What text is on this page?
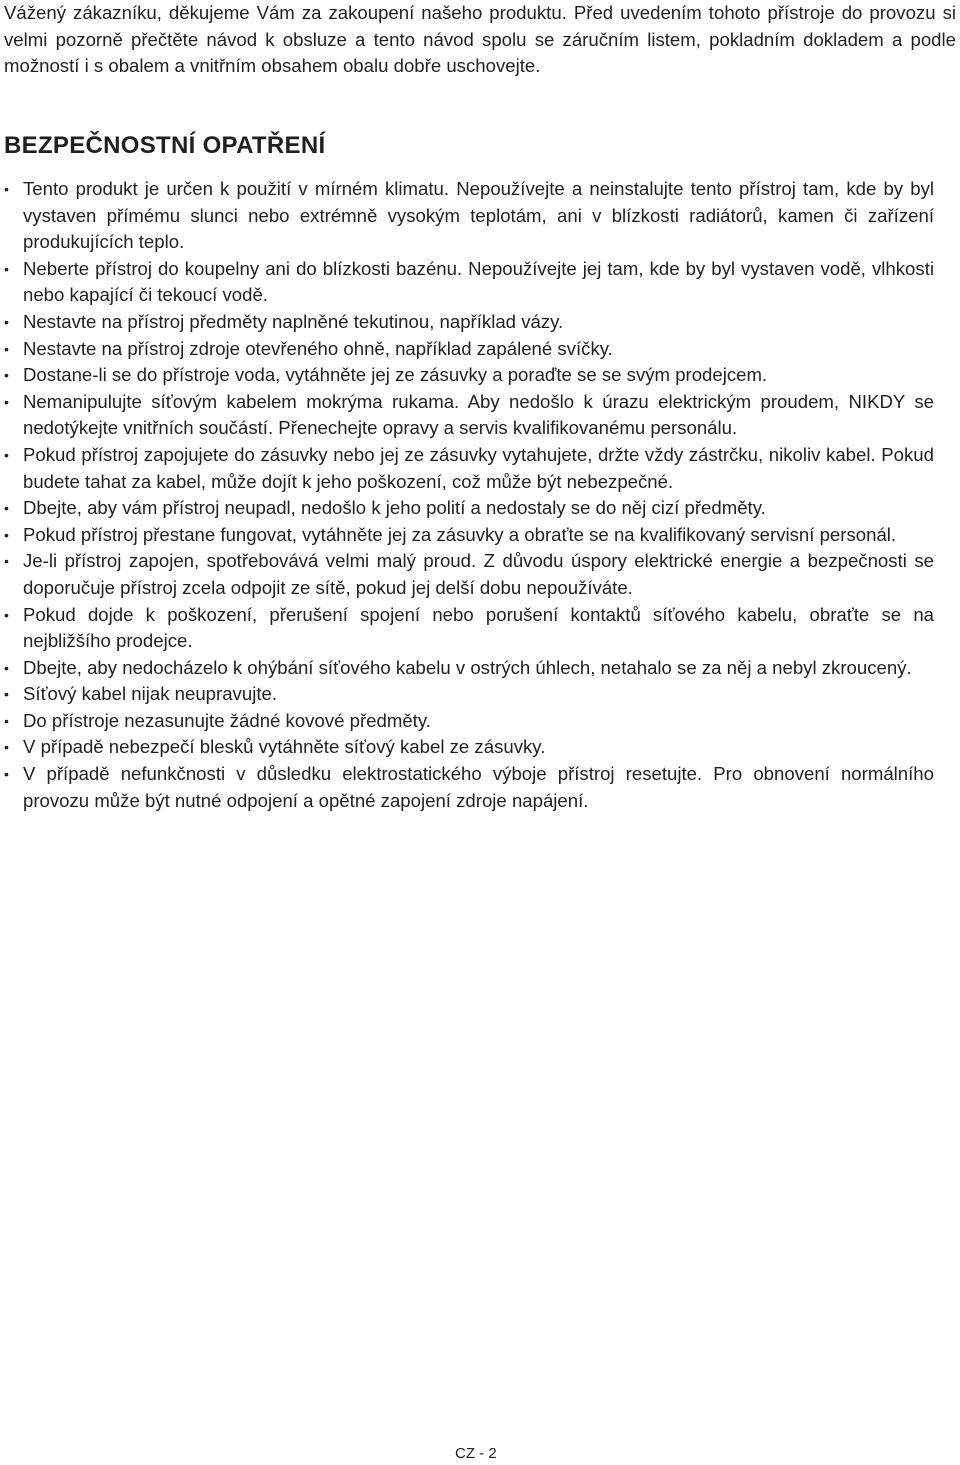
Vážený zákazníku, děkujeme Vám za zakoupení našeho produktu. Před uvedením tohoto přístroje do provozu si velmi pozorně přečtěte návod k obsluze a tento návod spolu se záručním listem, pokladním dokladem a podle možností i s obalem a vnitřním obsahem obalu dobře uschovejte.

BEZPEČNOSTNÍ OPATŘENÍ
• Tento produkt je určen k použití v mírném klimatu. Nepoužívejte a neinstalujte tento přístroj tam, kde by byl vystaven přímému slunci nebo extrémně vysokým teplotám, ani v blízkosti radiátorů, kamen či zařízení produkujících teplo.
• Neberte přístroj do koupelny ani do blízkosti bazénu. Nepoužívejte jej tam, kde by byl vystaven vodě, vlhkosti nebo kapající či tekoucí vodě.
• Nestavte na přístroj předměty naplněné tekutinou, například vázy.
• Nestavte na přístroj zdroje otevřeného ohně, například zapálené svíčky.
• Dostane-li se do přístroje voda, vytáhněte jej ze zásuvky a poraďte se se svým prodejcem.
• Nemanipulujte síťovým kabelem mokrýma rukama. Aby nedošlo k úrazu elektrickým proudem, NIKDY se nedotýkejte vnitřních součástí. Přenechejte opravy a servis kvalifikovanému personálu.
• Pokud přístroj zapojujete do zásuvky nebo jej ze zásuvky vytahujete, držte vždy zástrčku, nikoliv kabel. Pokud budete tahat za kabel, může dojít k jeho poškození, což může být nebezpečné.
• Dbejte, aby vám přístroj neupadl, nedošlo k jeho polití a nedostaly se do něj cizí předměty.
• Pokud přístroj přestane fungovat, vytáhněte jej za zásuvky a obraťte se na kvalifikovaný servisní personál.
• Je-li přístroj zapojen, spotřebovává velmi malý proud. Z důvodu úspory elektrické energie a bezpečnosti se doporučuje přístroj zcela odpojit ze sítě, pokud jej delší dobu nepoužíváte.
• Pokud dojde k poškození, přerušení spojení nebo porušení kontaktů síťového kabelu, obraťte se na nejbližšího prodejce.
• Dbejte, aby nedocházelo k ohýbání síťového kabelu v ostrých úhlech, netahalo se za něj a nebyl zkroucený.
• Síťový kabel nijak neupravujte.
• Do přístroje nezasunujte žádné kovové předměty.
• V případě nebezpečí blesků vytáhněte síťový kabel ze zásuvky.
• V případě nefunkčnosti v důsledku elektrostatického výboje přístroj resetujte. Pro obnovení normálního provozu může být nutné odpojení a opětné zapojení zdroje napájení.

CZ - 2
